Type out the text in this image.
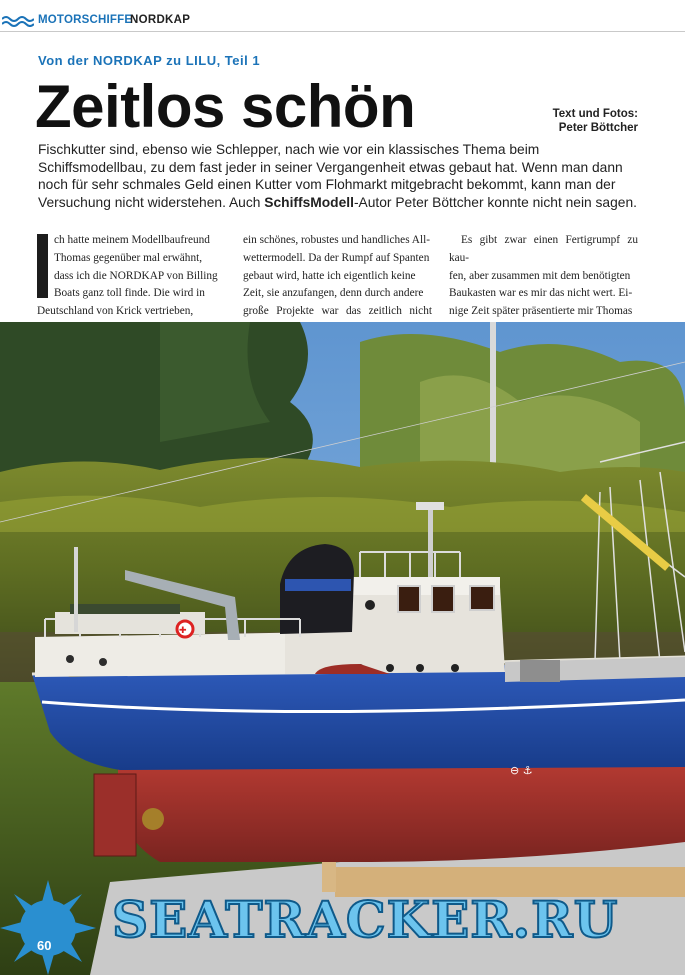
MOTORSCHIFFE
NORDKAP
Von der NORDKAP zu LILU, Teil 1
Zeitlos schön	Text und Fotos:
Peter Böttcher
Fischkutter sind, ebenso wie Schlepper, nach wie vor ein klassisches Thema beim Schiffsmodellbau, zu dem fast jeder in seiner Vergangenheit etwas gebaut hat. Wenn man dann noch für sehr schmales Geld einen Kutter vom Flohmarkt mitgebracht bekommt, kann man der Versuchung nicht widerstehen. Auch SchiffsModell-Autor Peter Böttcher konnte nicht nein sagen.
ch hatte meinem Modellbaufreund
Thomas gegenüber mal erwähnt,
dass ich die NORDKAP von Billing
Boats ganz toll finde. Die wird in
Deutschland von Krick vertrieben,
ein schönes, robustes und handliches All-
wettermodell. Da der Rumpf auf Spanten
gebaut wird, hatte ich eigentlich keine
Zeit, sie anzufangen, denn durch andere
große Projekte war das zeitlich nicht
Es gibt zwar einen Fertigrumpf zu kau-
fen, aber zusammen mit dem benötigten
Baukasten war es mir das nicht wert. Ei-
nige Zeit später präsentierte mir Thomas
✚
⊖ ⚓
60 SEATRACKER.RU
